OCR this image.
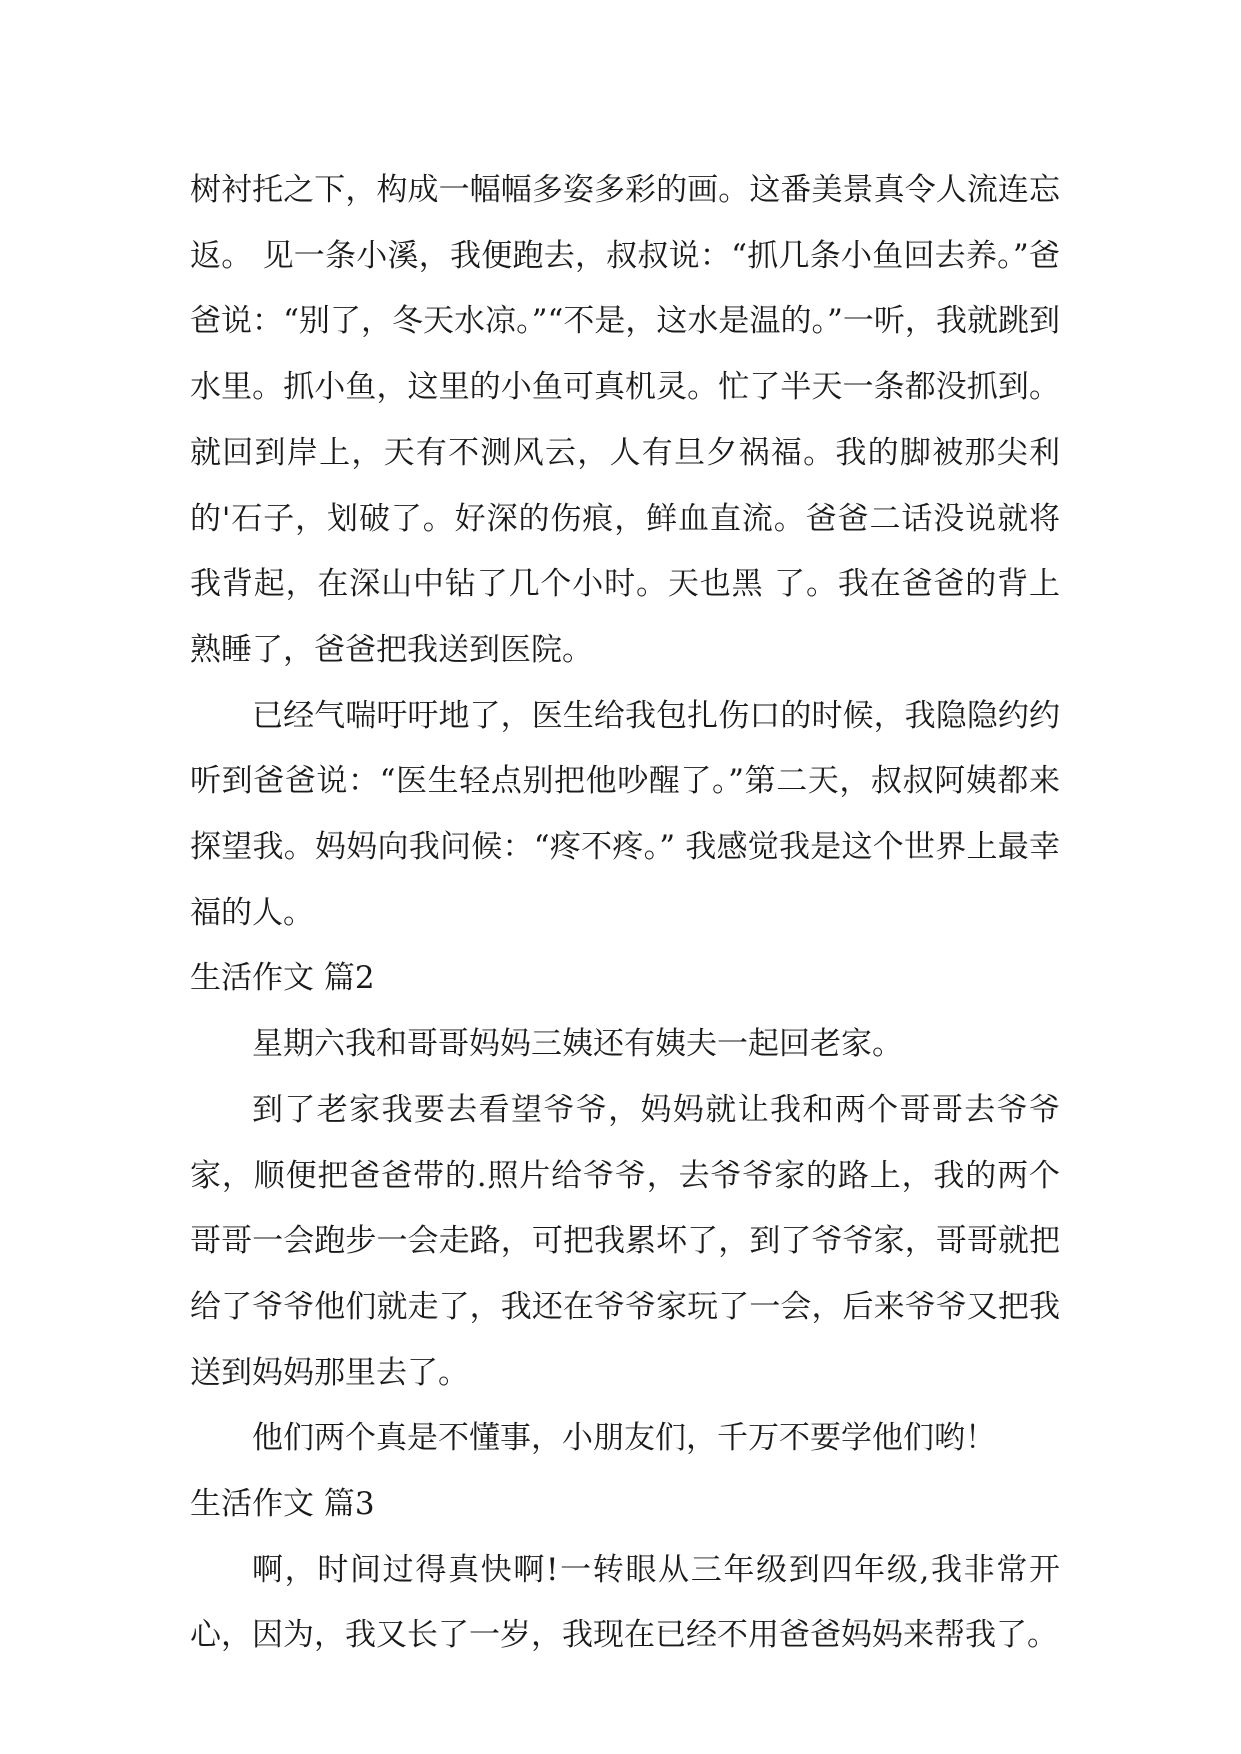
树衬托之下，构成一幅幅多姿多彩的画。这番美景真令人流连忘返。 见一条小溪，我便跑去，叔叔说：“抓几条小鱼回去养。”爸爸说：“别了，冬天水凉。”“不是，这水是温的。”一听，我就跳到水里。抓小鱼，这里的小鱼可真机灵。忙了半天一条都没抓到。就回到岸上，天有不测风云，人有旦夕祸福。我的脚被那尖利的'石子，划破了。好深的伤痕，鲜血直流。爸爸二话没说就将我背起，在深山中钻了几个小时。天也黑 了。我在爸爸的背上熟睡了，爸爸把我送到医院。

已经气喘吁吁地了，医生给我包扎伤口的时候，我隐隐约约听到爸爸说：“医生轻点别把他吵醒了。”第二天，叔叔阿姨都来探望我。妈妈向我问候：“疼不疼。” 我感觉我是这个世界上最幸福的人。

生活作文 篇2

星期六我和哥哥妈妈三姨还有姨夫一起回老家。

到了老家我要去看望爷爷，妈妈就让我和两个哥哥去爷爷家，顺便把爸爸带的.照片给爷爷，去爷爷家的路上，我的两个哥哥一会跑步一会走路，可把我累坏了，到了爷爷家，哥哥就把给了爷爷他们就走了，我还在爷爷家玩了一会，后来爷爷又把我送到妈妈那里去了。

他们两个真是不懂事，小朋友们，千万不要学他们哟！

生活作文 篇3

啊，时间过得真快啊!一转眼从三年级到四年级,我非常开心，因为，我又长了一岁，我现在已经不用爸爸妈妈来帮我了。
